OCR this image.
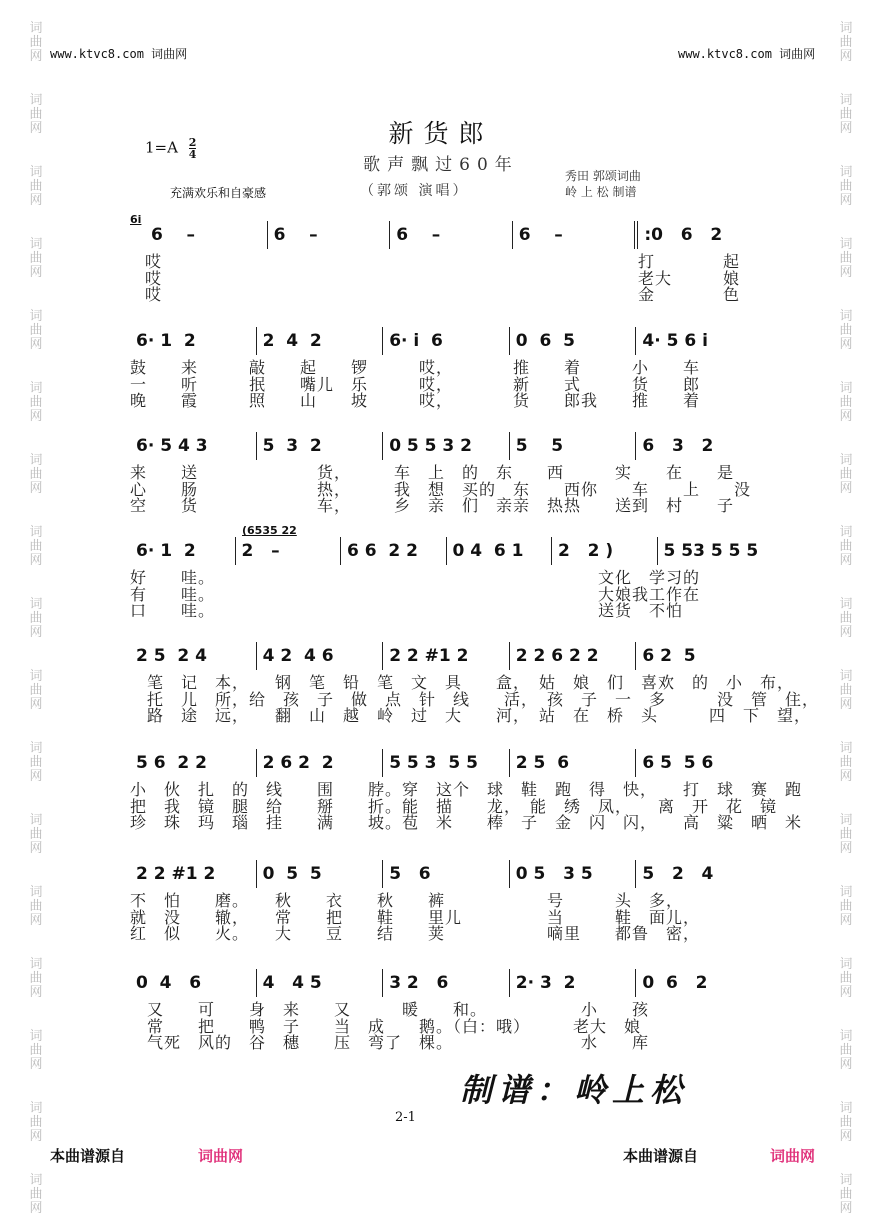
词
曲
网
词
曲
网
词
曲
网
词
曲
网
词
曲
网
词
曲
网
词
曲
网
词
曲
网
词
曲
网
词
曲
网
词
曲
网
词
曲
网
词
曲
网
词
曲
网
词
曲
网
词
曲
网
词
曲
网
词
曲
网
词
曲
网
词
曲
网
词
曲
网
词
曲
网
词
曲
网
词
曲
网
词
曲
网
词
曲
网
词
曲
网
词
曲
网
词
曲
网
词
曲
网
词
曲
网
词
曲
网
词
曲
网
词
曲
网
www.ktvc8.com 词曲网	www.ktvc8.com 词曲网
新货郎
歌声飘过60年
$1=A \frac{2}{4}$
充满欢乐和自豪感	（郭颂 演唱）
秀田 郭颂词曲
岭 上 松 制谱
6i
6    –	6    –	6    –	6    –	:0   6   2
哎　　　　　　　　　　　　　　　　　　　　　　　　　　　　打　　　　起
哎　　　　　　　　　　　　　　　　　　　　　　　　　　　　老大　　　娘
哎　　　　　　　　　　　　　　　　　　　　　　　　　　　　金　　　　色
6· 1  2	2  4  2	6· i  6	0  6  5	4· 5 6 i
鼓　　来　　　敲　　起　　锣　　　哎，　　　　推　　着　　　小　　车
一　　听　　　抿　　嘴儿　乐　　　哎，　　　　新　　式　　　货　　郎
晚　　霞　　　照　　山　　坡　　　哎，　　　　货　　郎我　　推　　着
6· 5 4 3	5  3  2	0 5 5 3 2	5    5	6   3   2
来　　送　　　　　　　货，　　　车　上　的　东　　西　　　实　　在　　是
心　　肠　　　　　　　热，　　　我　想　买的　东　　西你　　车　　上　　没
空　　货　　　　　　　车，　　　乡　亲　们　亲亲　热热　　送到　村　　子
6· 1  2	2   –	6 6  2 2	0 4  6 1	2   2 )	5 53 5 5 5
(6535 22
好　　哇。　　　　　　　　　　　　　　　　　　　　　　　文化　学习的
有　　哇。　　　　　　　　　　　　　　　　　　　　　　　大娘我工作在
口　　哇。　　　　　　　　　　　　　　　　　　　　　　　送货　不怕
2 5  2 4	4 2  4 6	2 2 #1 2	2 2 6 2 2	6 2  5
　笔　记　本，　　钢　笔　铅　笔　文　具　　盒，　姑　娘　们　喜欢　的　小　布，
　托　儿　所，给　孩　子　做　点　针　线　　活，　孩　子　一　多　　　没　管　住，
　路　途　远，　　翻　山　越　岭　过　大　　河，　站　在　桥　头　　　四　下　望，
5 6  2 2	2 6 2  2	5 5 3  5 5	2 5  6	6 5  5 6
小　伙　扎　的　线　　围　　脖。穿　这个　球　鞋　跑　得　快，　　打　球　赛　跑
把　我　镜　腿　给　　掰　　折。能　描　　龙，　能　绣　凤，　　离　开　花　镜
珍　珠　玛　瑙　挂　　满　　坡。苞　米　　棒　子　金　闪　闪，　　高　粱　晒　米
2 2 #1 2	0  5  5	5   6	0 5   3 5	5   2   4
不　怕　　磨。　　秋　　衣　　秋　　裤　　　　　　号　　　头　多，
就　没　　辙，　　常　　把　　鞋　　里儿　　　　　当　　　鞋　面儿，
红　似　　火。　　大　　豆　　结　　荚　　　　　　嘀里　　都鲁　密，
0  4   6	4   4 5	3 2   6	2· 3  2	0  6   2
　又　　可　　身　来　　又　　　暖　　和。　　　　　　小　　孩
　常　　把　　鸭　子　　当　成　　鹅。（白：哦）　　　老大　娘
　气死　风的　谷　穗　　压　弯了　棵。　　　　　　　　水　　库
制谱：岭上松
2-1
本曲谱源自	词曲网	本曲谱源自	词曲网
